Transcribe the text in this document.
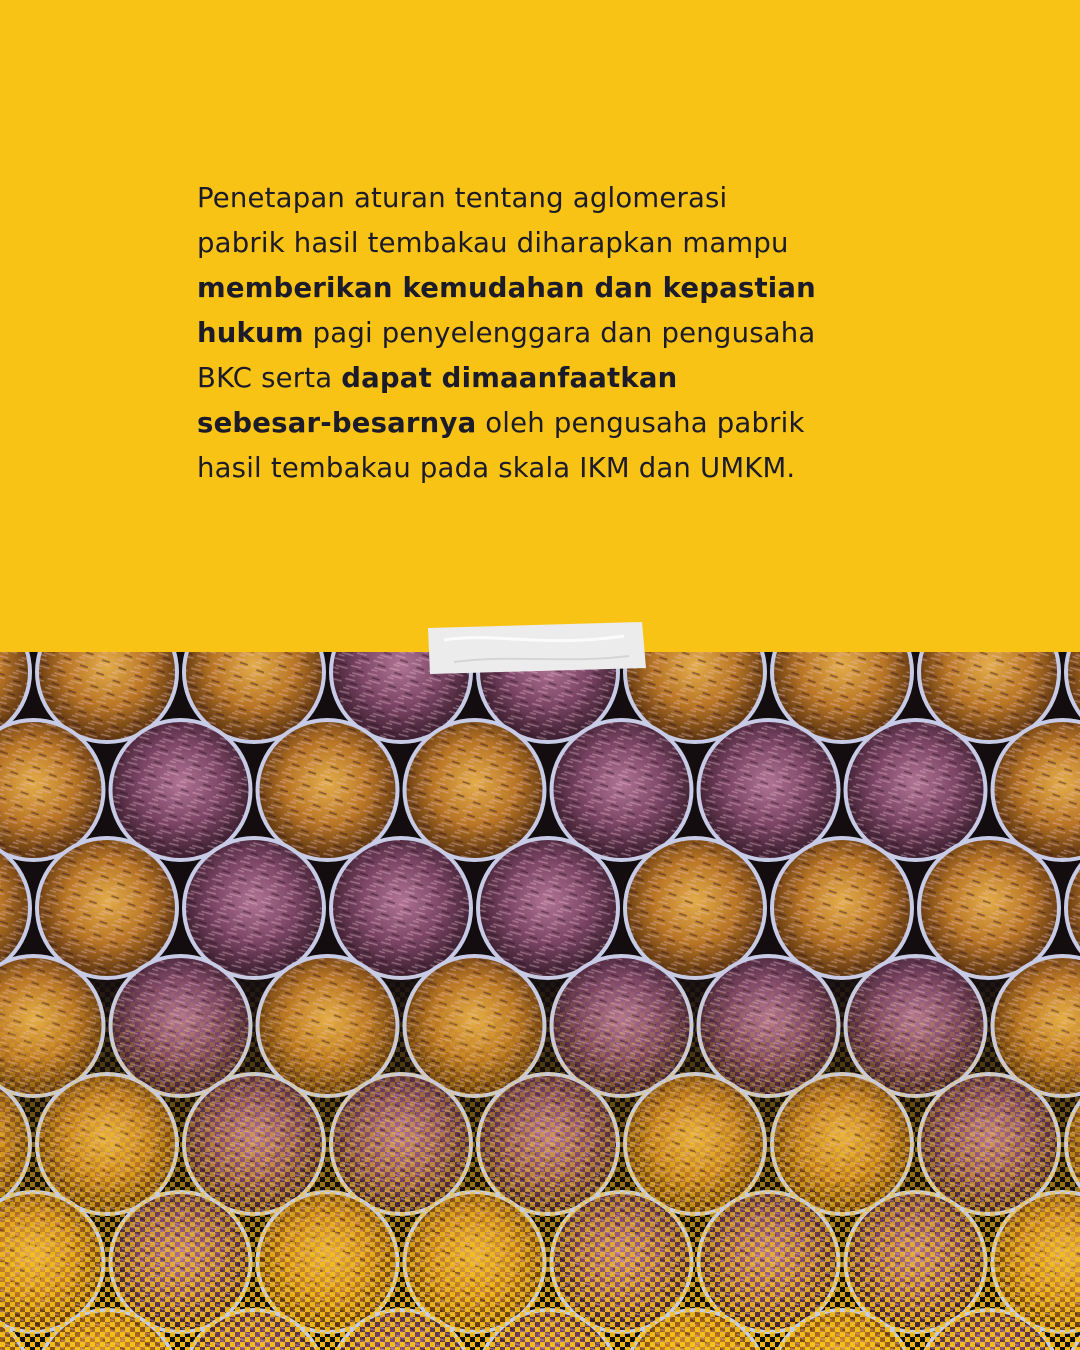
Penetapan aturan tentang aglomerasi
pabrik hasil tembakau diharapkan mampu
memberikan kemudahan dan kepastian
hukum pagi penyelenggara dan pengusaha
BKC serta dapat dimaanfaatkan
sebesar-besarnya oleh pengusaha pabrik
hasil tembakau pada skala IKM dan UMKM.
